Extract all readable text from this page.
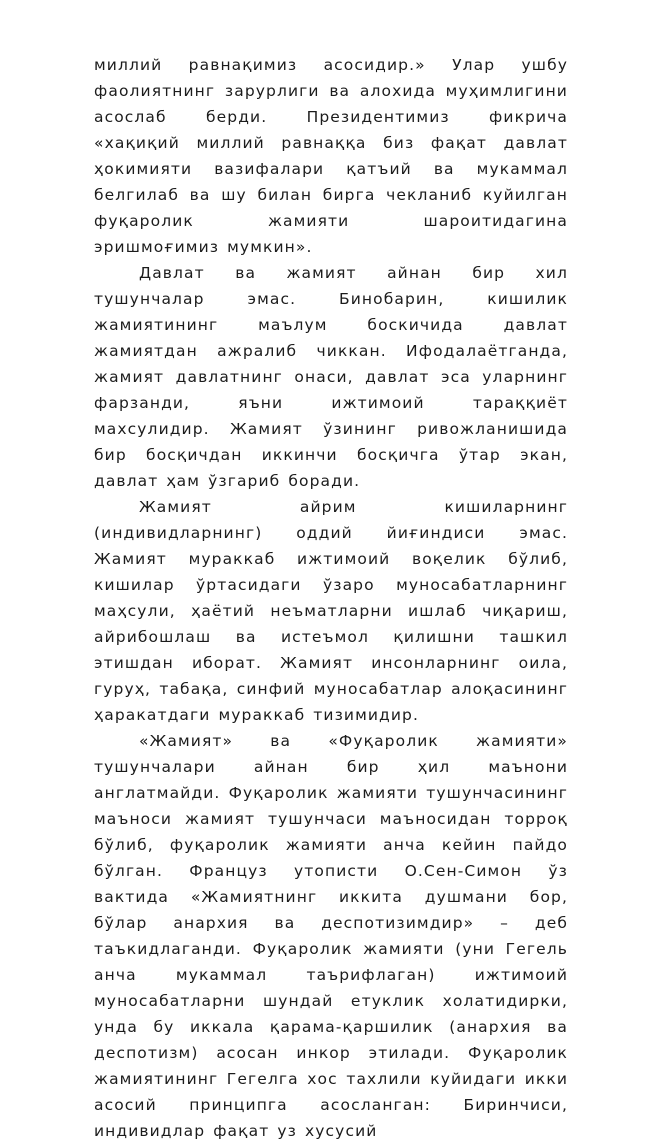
миллий равнақимиз асосидир.» Улар ушбу фаолиятнинг зарурлиги ва алохида муҳимлигини асослаб берди. Президентимиз фикрича «хақиқий миллий равнаққа биз фақат давлат ҳокимияти вазифалари қатъий ва мукаммал белгилаб ва шу билан бирга чекланиб куйилган фуқаролик жамияти шароитидагина эришмоғимиз мумкин».

Давлат ва жамият айнан бир хил тушунчалар эмас. Бинобарин, кишилик жамиятининг маълум боскичида давлат жамиятдан ажралиб чиккан. Ифодалаётганда, жамият давлатнинг онаси, давлат эса уларнинг фарзанди, яъни ижтимоий тараққиёт махсулидир. Жамият ўзининг ривожланишида бир босқичдан иккинчи босқичга ўтар экан, давлат ҳам ўзгариб боради.

Жамият айрим кишиларнинг (индивидларнинг) оддий йиғиндиси эмас. Жамият мураккаб ижтимоий воқелик бўлиб, кишилар ўртасидаги ўзаро муносабатларнинг маҳсули, ҳаётий неъматларни ишлаб чиқариш, айрибошлаш ва истеъмол қилишни ташкил этишдан иборат. Жамият инсонларнинг оила, гуруҳ, табақа, синфий муносабатлар алоқасининг ҳаракатдаги мураккаб тизимидир.

«Жамият» ва «Фуқаролик жамияти» тушунчалари айнан бир ҳил маънони англатмайди. Фуқаролик жамияти тушунчасининг маъноси жамият тушунчаси маъносидан торроқ бўлиб, фуқаролик жамияти анча кейин пайдо бўлган. Француз утописти О.Сен-Симон ўз вактида «Жамиятнинг иккита душмани бор, бўлар анархия ва деспотизимдир» – деб таъкидлаганди. Фуқаролик жамияти (уни Гегель анча мукаммал таърифлаган) ижтимоий муносабатларни шундай етуклик холатидирки, унда бу иккала қарама-қаршилик (анархия ва деспотизм) асосан инкор этилади. Фуқаролик жамиятининг Гегелга хос тахлили куйидаги икки асосий принципга асосланган: Биринчиси, индивидлар фақат уз хусусий
